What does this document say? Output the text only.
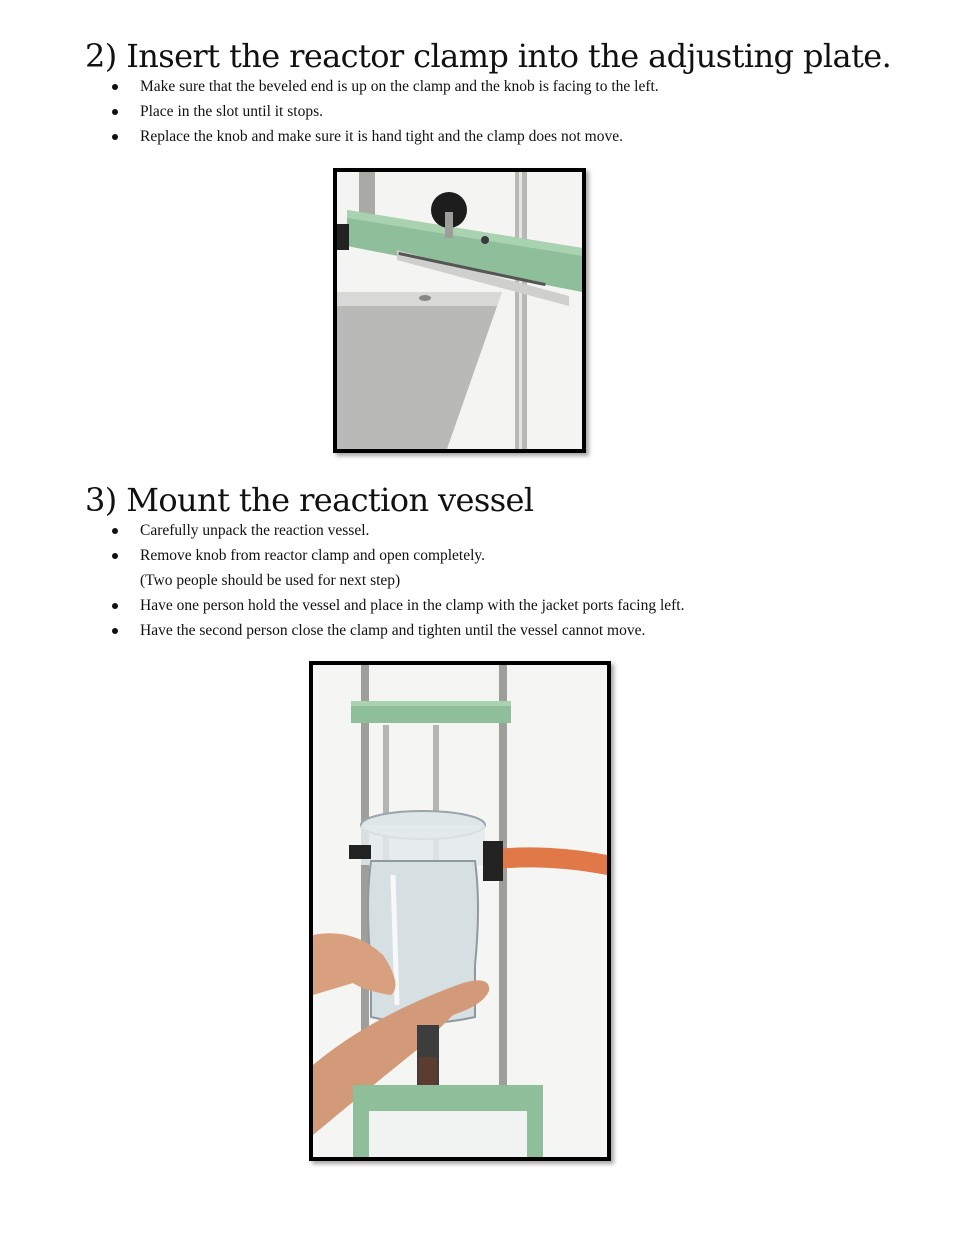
2) Insert the reactor clamp into the adjusting plate.
Make sure that the beveled end is up on the clamp and the knob is facing to the left.
Place in the slot until it stops.
Replace the knob and make sure it is hand tight and the clamp does not move.
3) Mount the reaction vessel
Carefully unpack the reaction vessel.
Remove knob from reactor clamp and open completely.
(Two people should be used for next step)
Have one person hold the vessel and place in the clamp with the jacket ports facing left.
Have the second person close the clamp and tighten until the vessel cannot move.
